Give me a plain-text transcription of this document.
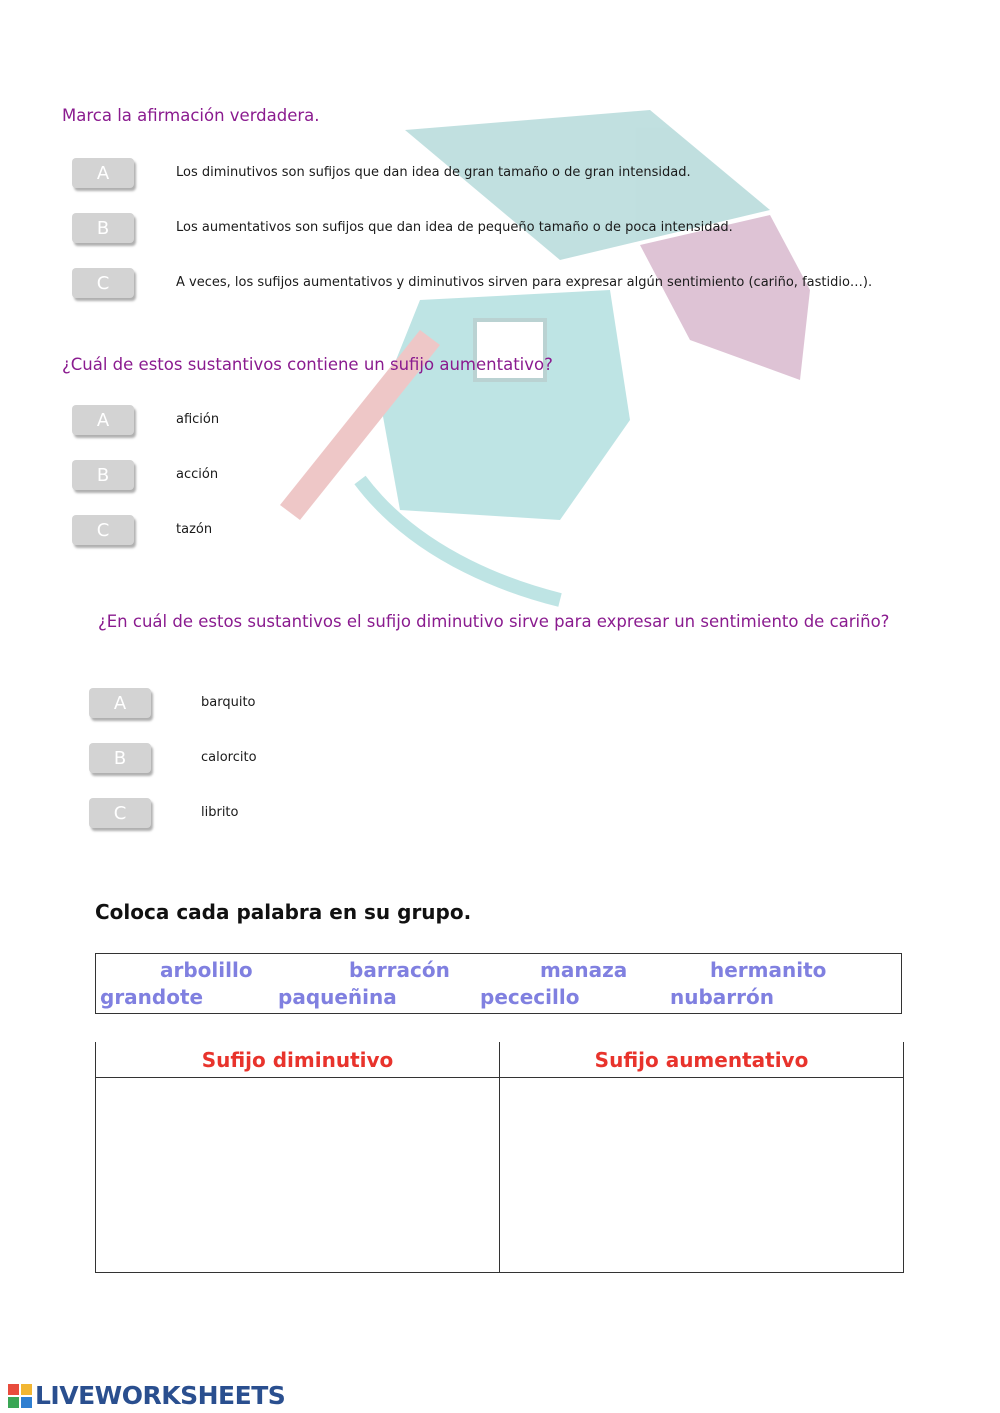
Marca la afirmación verdadera.
A	Los diminutivos son sufijos que dan idea de gran tamaño o de gran intensidad.
B	Los aumentativos son sufijos que dan idea de pequeño tamaño o de poca intensidad.
C	A veces, los sufijos aumentativos y diminutivos sirven para expresar algún sentimiento (cariño, fastidio…).
¿Cuál de estos sustantivos contiene un sufijo aumentativo?
A	afición
B	acción
C	tazón
¿En cuál de estos sustantivos el sufijo diminutivo sirve para expresar un sentimiento de cariño?
A	barquito
B	calorcito
C	librito
Coloca cada palabra en su grupo.
arbolillo	barracón	manaza	hermanito
grandote	paqueñina	pececillo	nubarrón
Sufijo diminutivo	Sufijo aumentativo
LIVEWORKSHEETS
